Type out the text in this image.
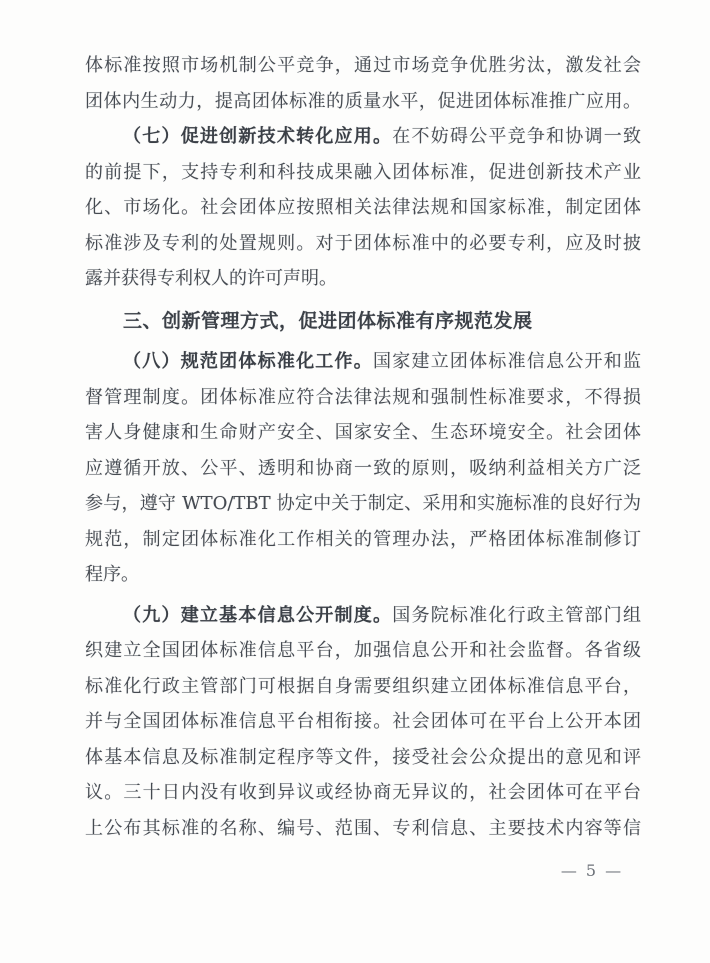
体标准按照市场机制公平竞争，通过市场竞争优胜劣汰，激发社会
团体内生动力，提高团体标准的质量水平，促进团体标准推广应用。
（七）促进创新技术转化应用。在不妨碍公平竞争和协调一致
的前提下，支持专利和科技成果融入团体标准，促进创新技术产业
化、市场化。社会团体应按照相关法律法规和国家标准，制定团体
标准涉及专利的处置规则。对于团体标准中的必要专利，应及时披
露并获得专利权人的许可声明。
三、创新管理方式，促进团体标准有序规范发展
（八）规范团体标准化工作。国家建立团体标准信息公开和监
督管理制度。团体标准应符合法律法规和强制性标准要求，不得损
害人身健康和生命财产安全、国家安全、生态环境安全。社会团体
应遵循开放、公平、透明和协商一致的原则，吸纳利益相关方广泛
参与，遵守 WTO/TBT 协定中关于制定、采用和实施标准的良好行为
规范，制定团体标准化工作相关的管理办法，严格团体标准制修订
程序。
（九）建立基本信息公开制度。国务院标准化行政主管部门组
织建立全国团体标准信息平台，加强信息公开和社会监督。各省级
标准化行政主管部门可根据自身需要组织建立团体标准信息平台，
并与全国团体标准信息平台相衔接。社会团体可在平台上公开本团
体基本信息及标准制定程序等文件，接受社会公众提出的意见和评
议。三十日内没有收到异议或经协商无异议的，社会团体可在平台
上公布其标准的名称、编号、范围、专利信息、主要技术内容等信
— 5 —
